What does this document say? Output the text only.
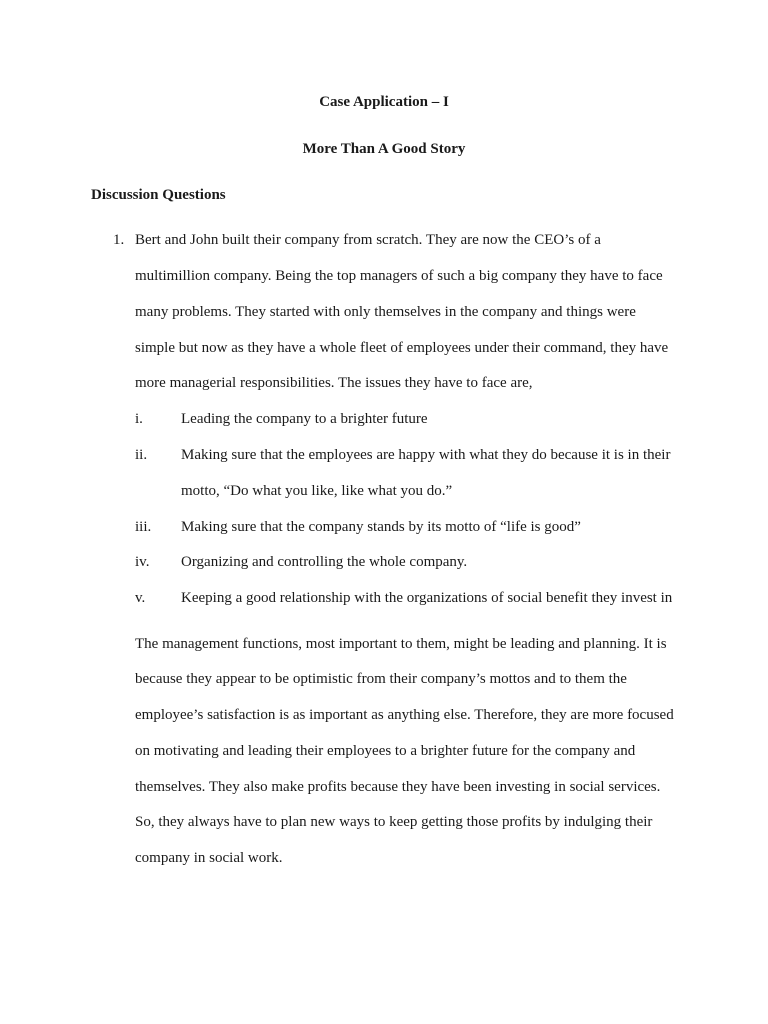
Case Application – I
More Than A Good Story
Discussion Questions
1. Bert and John built their company from scratch. They are now the CEO’s of a
multimillion company. Being the top managers of such a big company they have to face
many problems. They started with only themselves in the company and things were
simple but now as they have a whole fleet of employees under their command, they have
more managerial responsibilities. The issues they have to face are,
i.	Leading the company to a brighter future
ii. Making sure that the employees are happy with what they do because it is in their
motto, “Do what you like, like what you do.”
iii. Making sure that the company stands by its motto of “life is good”
iv. Organizing and controlling the whole company.
v. Keeping a good relationship with the organizations of social benefit they invest in
The management functions, most important to them, might be leading and planning. It is
because they appear to be optimistic from their company’s mottos and to them the
employee’s satisfaction is as important as anything else. Therefore, they are more focused
on motivating and leading their employees to a brighter future for the company and
themselves. They also make profits because they have been investing in social services.
So, they always have to plan new ways to keep getting those profits by indulging their
company in social work.
